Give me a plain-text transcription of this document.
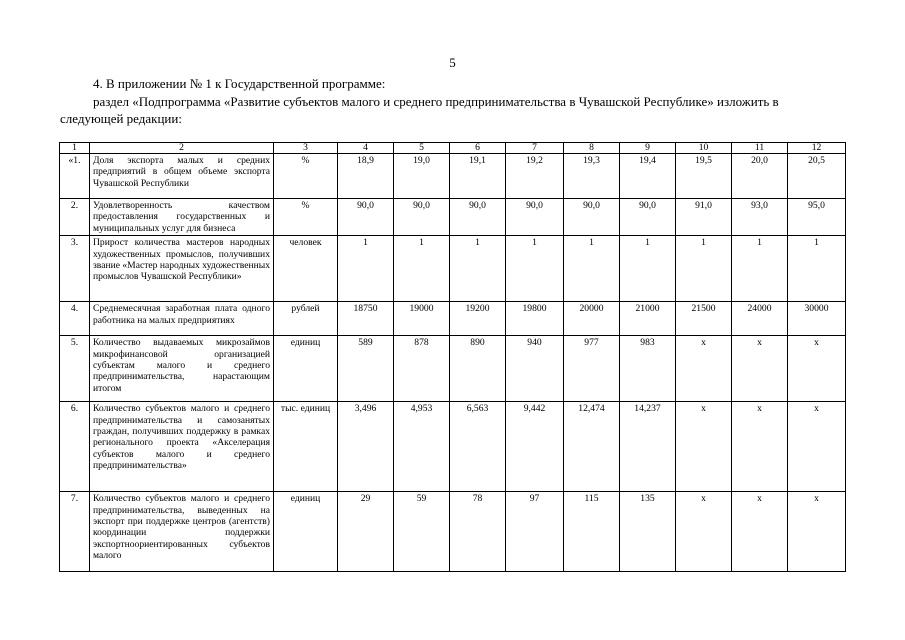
5
4. В приложении № 1 к Государственной программе:
раздел «Подпрограмма «Развитие субъектов малого и среднего предпринимательства в Чувашской Республике» изложить в
следующей редакции:
1	2	3	4	5	6	7	8	9	10	11	12
«1.	Доля экспорта малых и средних предприятий в общем объеме экспорта Чувашской Республики	%	18,9	19,0	19,1	19,2	19,3	19,4	19,5	20,0	20,5
2.	Удовлетворенность качеством предоставления государственных и муниципальных услуг для бизнеса	%	90,0	90,0	90,0	90,0	90,0	90,0	91,0	93,0	95,0
3.	Прирост количества мастеров народных художественных промыслов, получивших звание «Мастер народных художественных промыслов Чувашской Республики»	человек	1	1	1	1	1	1	1	1	1
4.	Среднемесячная заработная плата одного работника на малых предприятиях	рублей	18750	19000	19200	19800	20000	21000	21500	24000	30000
5.	Количество выдаваемых микрозаймов микрофинансовой организацией субъектам малого и среднего предпринимательства, нарастающим итогом	единиц	589	878	890	940	977	983	x	x	x
6.	Количество субъектов малого и среднего предпринимательства и самозанятых граждан, получивших поддержку в рамках регионального проекта «Акселерация субъектов малого и среднего предпринимательства»	тыс. единиц	3,496	4,953	6,563	9,442	12,474	14,237	x	x	x
7.	Количество субъектов малого и среднего предпринимательства, выведенных на экспорт при поддержке центров (агентств) координации поддержки экспортноориентированных субъектов малого	единиц	29	59	78	97	115	135	x	x	x
